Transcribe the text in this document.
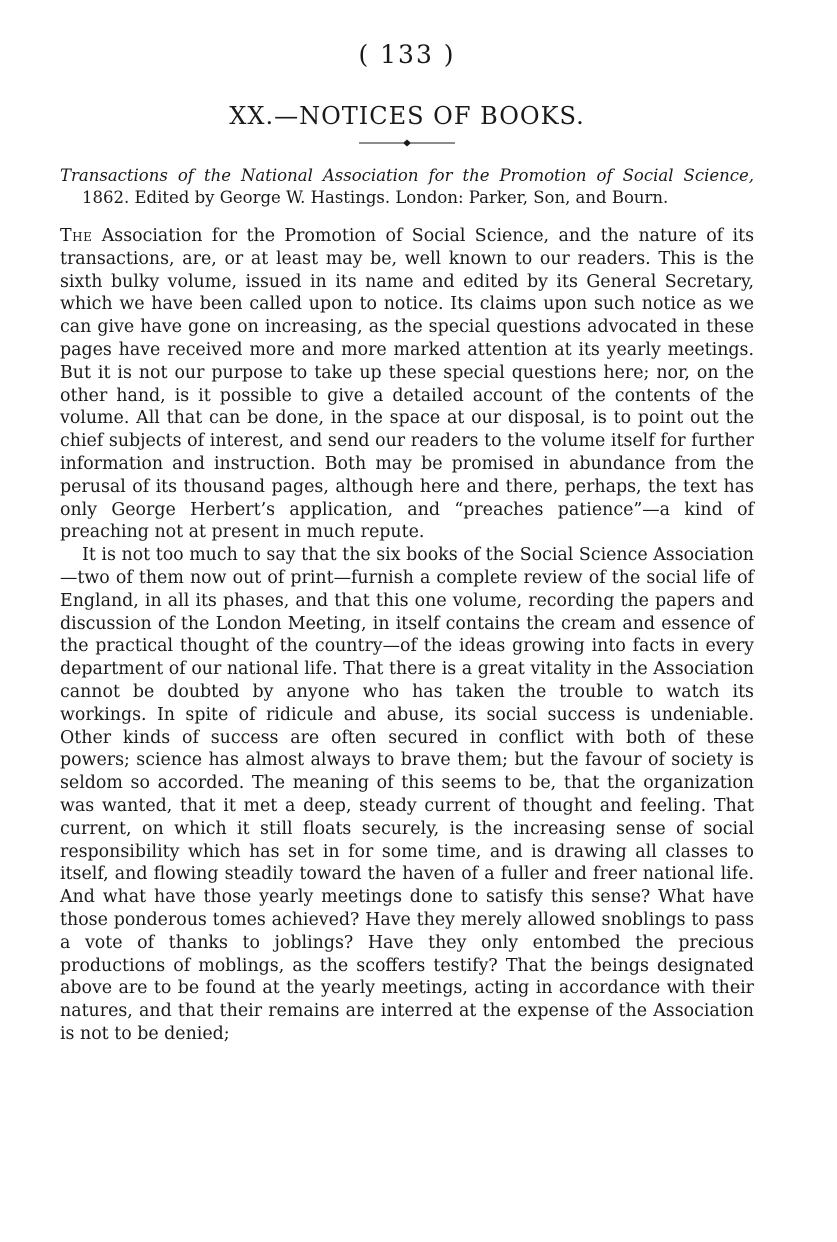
( 133 )
XX.—NOTICES OF BOOKS.
Transactions of the National Association for the Promotion of Social Science, 1862. Edited by George W. Hastings. London: Parker, Son, and Bourn.

The Association for the Promotion of Social Science, and the nature of its transactions, are, or at least may be, well known to our readers. This is the sixth bulky volume, issued in its name and edited by its General Secretary, which we have been called upon to notice. Its claims upon such notice as we can give have gone on increasing, as the special questions advocated in these pages have received more and more marked attention at its yearly meetings. But it is not our purpose to take up these special questions here; nor, on the other hand, is it possible to give a detailed account of the contents of the volume. All that can be done, in the space at our disposal, is to point out the chief subjects of interest, and send our readers to the volume itself for further information and instruction. Both may be promised in abundance from the perusal of its thousand pages, although here and there, perhaps, the text has only George Herbert’s application, and “preaches patience”—a kind of preaching not at present in much repute.

It is not too much to say that the six books of the Social Science Association—two of them now out of print—furnish a complete review of the social life of England, in all its phases, and that this one volume, recording the papers and discussion of the London Meeting, in itself contains the cream and essence of the practical thought of the country—of the ideas growing into facts in every department of our national life. That there is a great vitality in the Association cannot be doubted by anyone who has taken the trouble to watch its workings. In spite of ridicule and abuse, its social success is undeniable. Other kinds of success are often secured in conflict with both of these powers; science has almost always to brave them; but the favour of society is seldom so accorded. The meaning of this seems to be, that the organization was wanted, that it met a deep, steady current of thought and feeling. That current, on which it still floats securely, is the increasing sense of social responsibility which has set in for some time, and is drawing all classes to itself, and flowing steadily toward the haven of a fuller and freer national life. And what have those yearly meetings done to satisfy this sense? What have those ponderous tomes achieved? Have they merely allowed snoblings to pass a vote of thanks to joblings? Have they only entombed the precious productions of moblings, as the scoffers testify? That the beings designated above are to be found at the yearly meetings, acting in accordance with their natures, and that their remains are interred at the expense of the Association is not to be denied;
